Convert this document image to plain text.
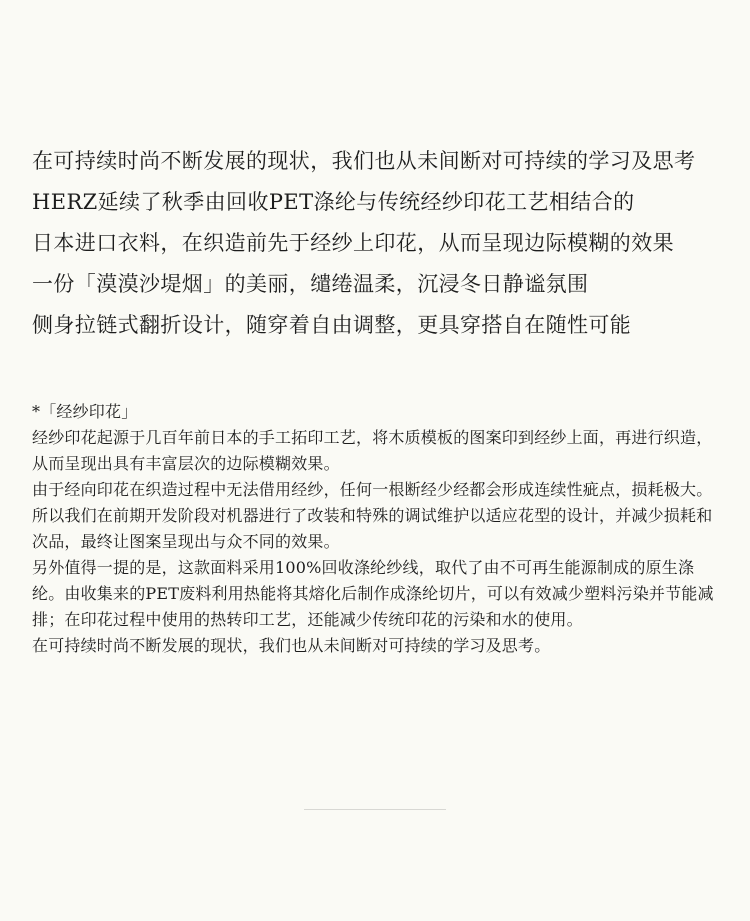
在可持续时尚不断发展的现状，我们也从未间断对可持续的学习及思考
HERZ延续了秋季由回收PET涤纶与传统经纱印花工艺相结合的
日本进口衣料，在织造前先于经纱上印花，从而呈现边际模糊的效果
一份「漠漠沙堤烟」的美丽，缱绻温柔，沉浸冬日静谧氛围
侧身拉链式翻折设计，随穿着自由调整，更具穿搭自在随性可能
*「经纱印花」

经纱印花起源于几百年前日本的手工拓印工艺，将木质模板的图案印到经纱上面，再进行织造，从而呈现出具有丰富层次的边际模糊效果。

由于经向印花在织造过程中无法借用经纱，任何一根断经少经都会形成连续性疵点，损耗极大。所以我们在前期开发阶段对机器进行了改装和特殊的调试维护以适应花型的设计，并减少损耗和次品，最终让图案呈现出与众不同的效果。

另外值得一提的是，这款面料采用100%回收涤纶纱线，取代了由不可再生能源制成的原生涤纶。由收集来的PET废料利用热能将其熔化后制作成涤纶切片，可以有效减少塑料污染并节能减排；在印花过程中使用的热转印工艺，还能减少传统印花的污染和水的使用。

在可持续时尚不断发展的现状，我们也从未间断对可持续的学习及思考。
